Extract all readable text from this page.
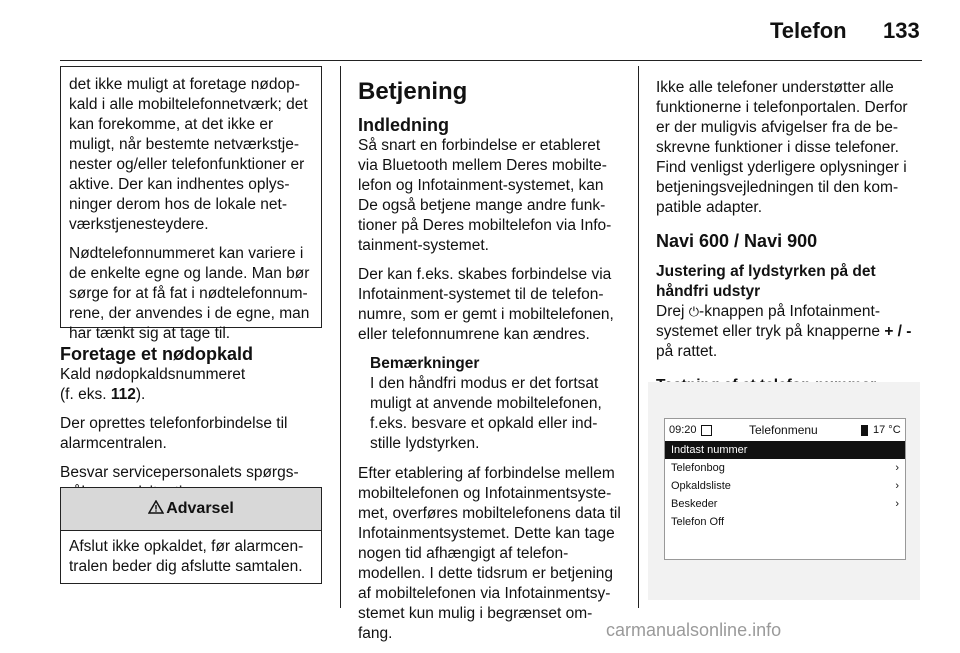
Telefon 133

det ikke muligt at foretage nødop-kald i alle mobiltelefonnetværk; det kan forekomme, at det ikke er muligt, når bestemte netværkstje-nester og/eller telefonfunktioner er aktive. Der kan indhentes oplys-ninger derom hos de lokale net-værkstjenesteydere.

Nødtelefonnummeret kan variere i de enkelte egne og lande. Man bør sørge for at få fat i nødtelefonnum-rene, der anvendes i de egne, man har tænkt sig at tage til.

Foretage et nødopkald

Kald nødopkaldsnummeret
(f. eks. 112).

Der oprettes telefonforbindelse til alarmcentralen.

Besvar servicepersonalets spørgs-

Advarsel
Afslut ikke opkaldet, før alarmcen-tralen beder dig afslutte samtalen.
Betjening
Indledning

Så snart en forbindelse er etableret via Bluetooth mellem Deres mobilte-lefon og Infotainment-systemet, kan De også betjene mange andre funk-tioner på Deres mobiltelefon via Info-tainment-systemet.

Der kan f.eks. skabes forbindelse via Infotainment-systemet til de telefon-numre, som er gemt i mobiltelefonen, eller telefonnumrene kan ændres.

Bemærkninger
I den håndfri modus er det fortsat muligt at anvende mobiltelefonen, f.eks. besvare et opkald eller ind-stille lydstyrken.

Efter etablering af forbindelse mellem mobiltelefonen og Infotainmentsyste-met, overføres mobiltelefonens data til Infotainmentsystemet. Dette kan tage nogen tid afhængigt af telefon-modellen. I dette tidsrum er betjening af mobiltelefonen via Infotainmentsy-stemet kun mulig i begrænset om-fang.

Ikke alle telefoner understøtter alle funktionerne i telefonportalen. Derfor er der muligvis afvigelser fra de be-skrevne funktioner i disse telefoner. Find venligst yderligere oplysninger i betjeningsvejledningen til den kom-patible adapter.

Navi 600 / Navi 900
Justering af lydstyrken på det håndfri udstyr

Drej ⏻-knappen på Infotainment-systemet eller tryk på knapperne + / - på rattet.

09:20	Telefonmenu	17 °C
Indtast nummer
Telefonbog	›
Opkaldsliste	›
Beskeder	›
Telefon Off
carmanualsonline.info
